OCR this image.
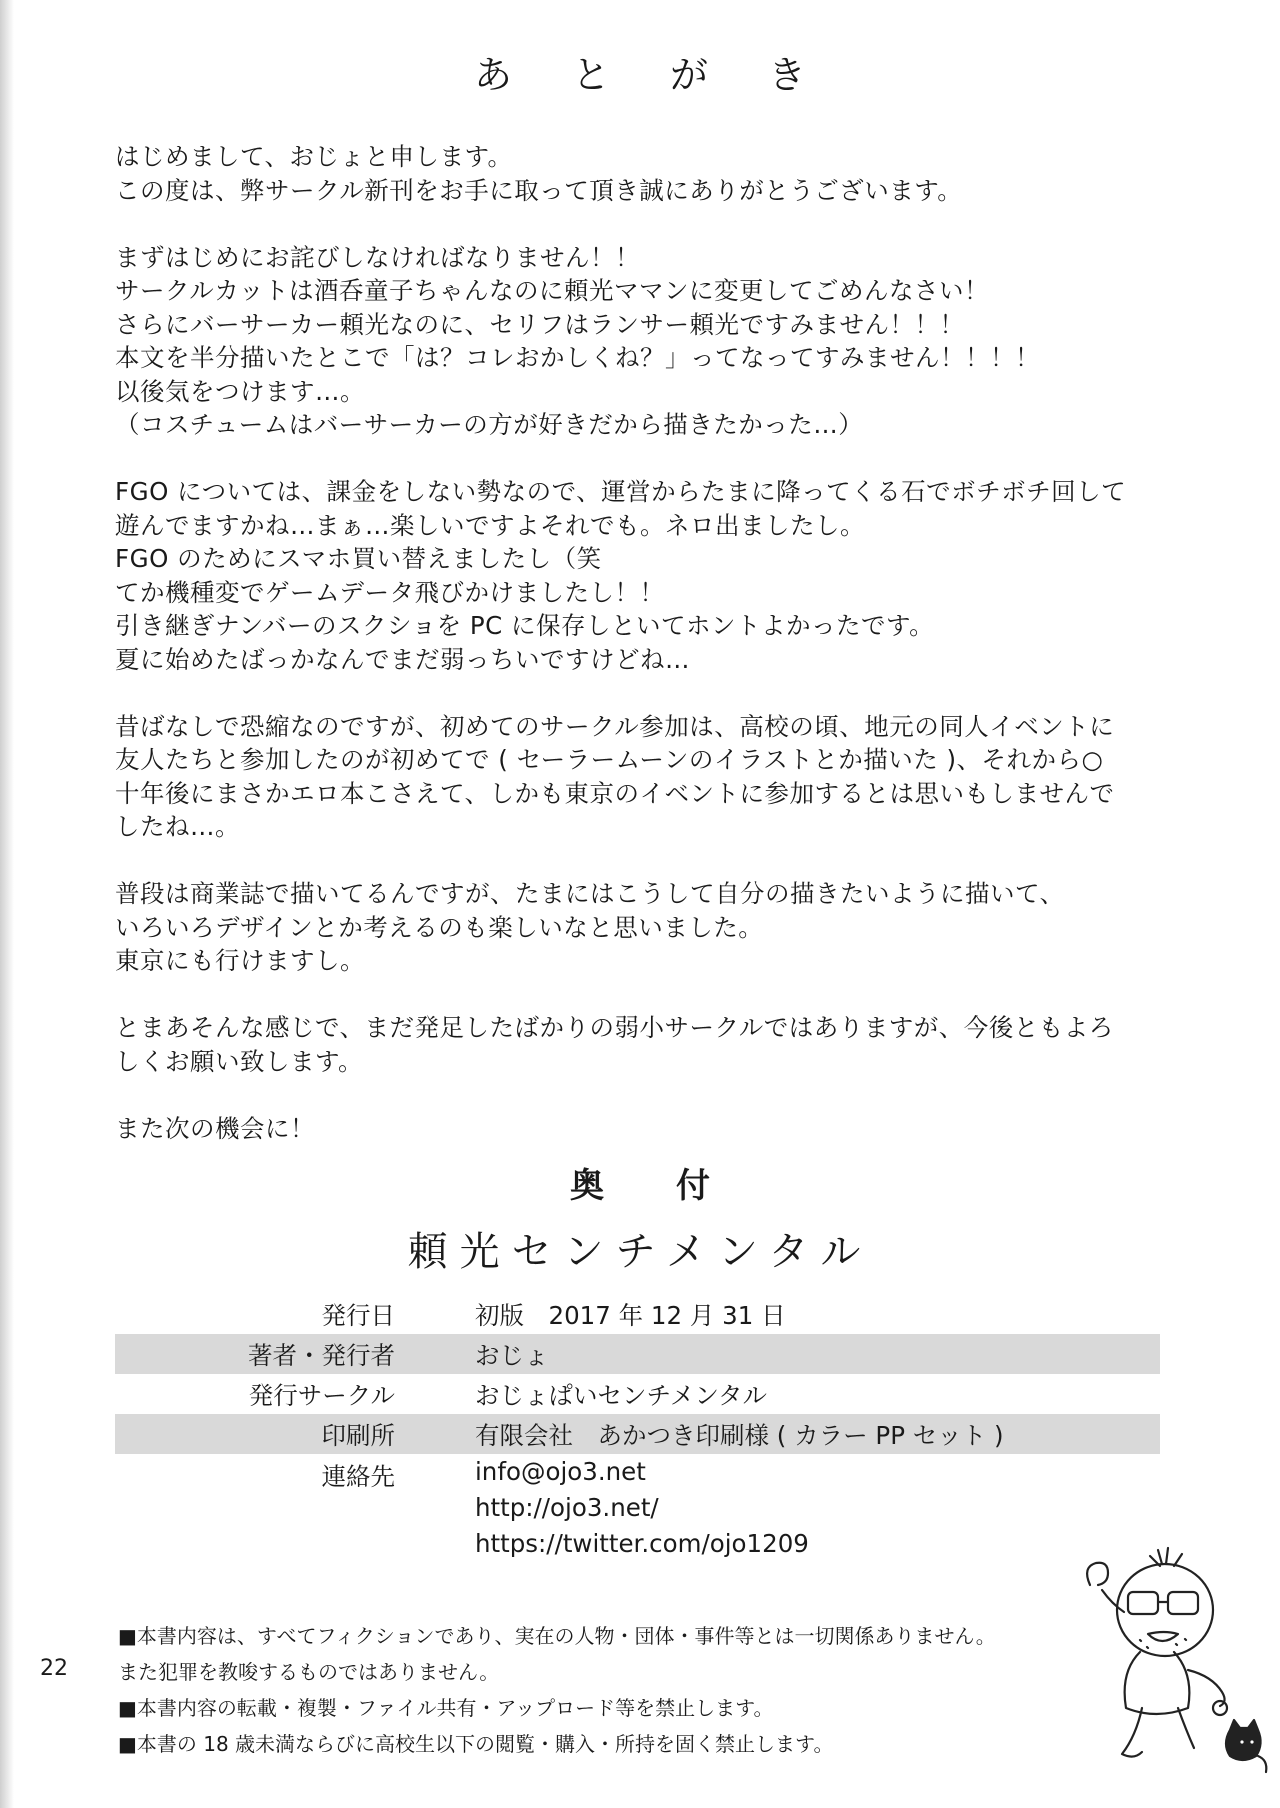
あとがき
はじめまして、おじょと申します。
この度は、弊サークル新刊をお手に取って頂き誠にありがとうございます。
まずはじめにお詫びしなければなりません！！
サークルカットは酒呑童子ちゃんなのに頼光ママンに変更してごめんなさい！
さらにバーサーカー頼光なのに、セリフはランサー頼光ですみません！！！
本文を半分描いたとこで「は？コレおかしくね？」ってなってすみません！！！！
以後気をつけます…。
（コスチュームはバーサーカーの方が好きだから描きたかった…）
FGO については、課金をしない勢なので、運営からたまに降ってくる石でボチボチ回して
遊んでますかね…まぁ…楽しいですよそれでも。ネロ出ましたし。
FGO のためにスマホ買い替えましたし（笑
てか機種変でゲームデータ飛びかけましたし！！
引き継ぎナンバーのスクショを PC に保存しといてホントよかったです。
夏に始めたばっかなんでまだ弱っちいですけどね…
昔ばなしで恐縮なのですが、初めてのサークル参加は、高校の頃、地元の同人イベントに
友人たちと参加したのが初めてで ( セーラームーンのイラストとか描いた )、それから○
十年後にまさかエロ本こさえて、しかも東京のイベントに参加するとは思いもしませんで
したね…。
普段は商業誌で描いてるんですが、たまにはこうして自分の描きたいように描いて、
いろいろデザインとか考えるのも楽しいなと思いました。
東京にも行けますし。
とまあそんな感じで、まだ発足したばかりの弱小サークルではありますが、今後ともよろ
しくお願い致します。
また次の機会に！
奥付
頼光センチメンタル
発行日	初版　2017 年 12 月 31 日
著者・発行者	おじょ
発行サークル	おじょぱいセンチメンタル
印刷所	有限会社　あかつき印刷様 ( カラー PP セット )
連絡先	info@ojo3.net
http://ojo3.net/
https://twitter.com/ojo1209
■本書内容は、すべてフィクションであり、実在の人物・団体・事件等とは一切関係ありません。
また犯罪を教唆するものではありません。
■本書内容の転載・複製・ファイル共有・アップロード等を禁止します。
■本書の 18 歳未満ならびに高校生以下の閲覧・購入・所持を固く禁止します。
22
